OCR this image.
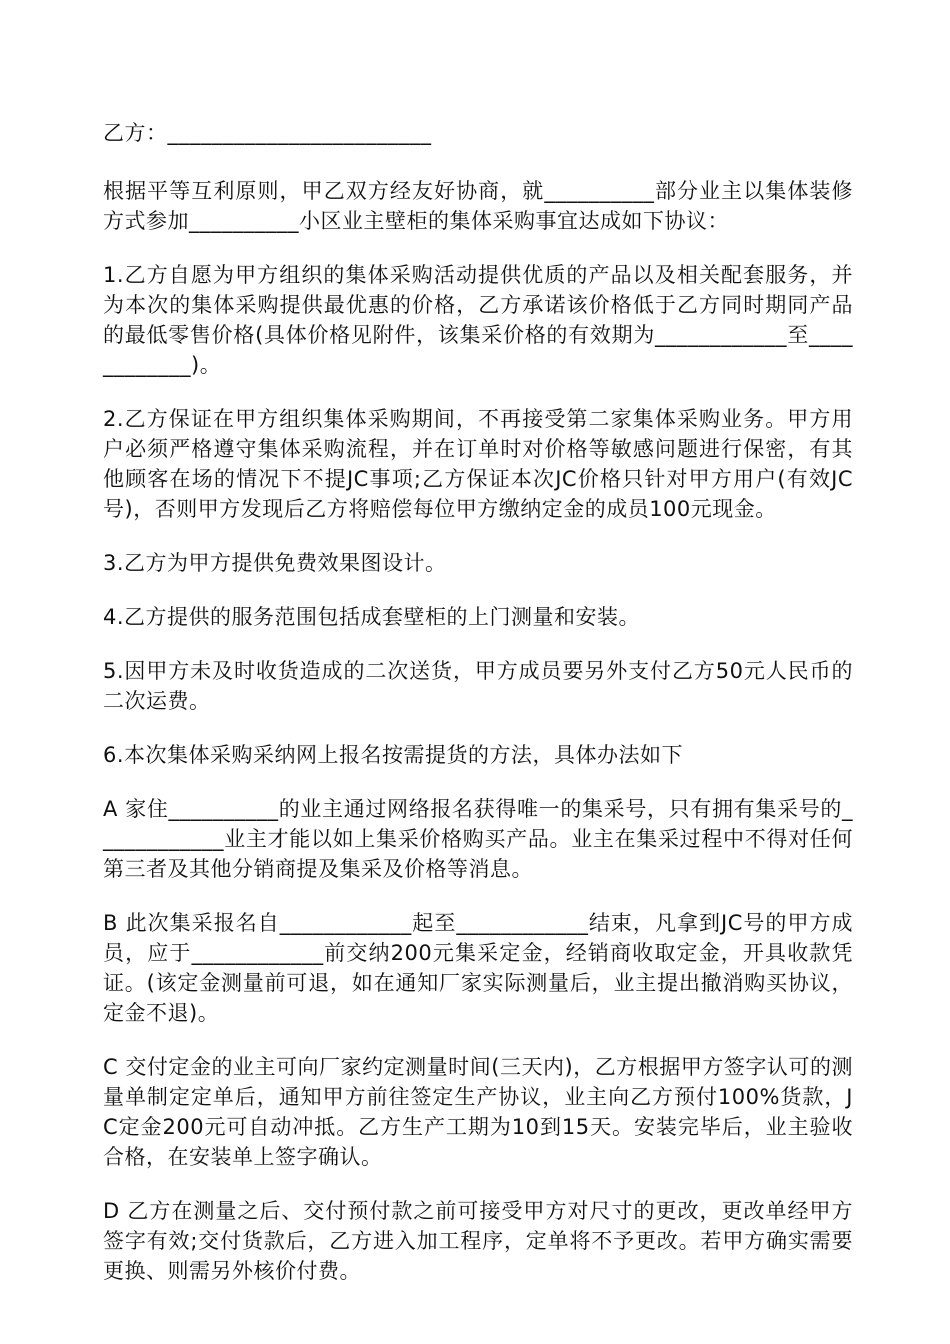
乙方：________________________

根据平等互利原则，甲乙双方经友好协商，就__________部分业主以集体装修方式参加__________小区业主壁柜的集体采购事宜达成如下协议：

1.乙方自愿为甲方组织的集体采购活动提供优质的产品以及相关配套服务，并为本次的集体采购提供最优惠的价格，乙方承诺该价格低于乙方同时期同产品的最低零售价格(具体价格见附件，该集采价格的有效期为____________至____________)。

2.乙方保证在甲方组织集体采购期间，不再接受第二家集体采购业务。甲方用户必须严格遵守集体采购流程，并在订单时对价格等敏感问题进行保密，有其他顾客在场的情况下不提JC事项;乙方保证本次JC价格只针对甲方用户(有效JC号)，否则甲方发现后乙方将赔偿每位甲方缴纳定金的成员100元现金。

3.乙方为甲方提供免费效果图设计。

4.乙方提供的服务范围包括成套壁柜的上门测量和安装。

5.因甲方未及时收货造成的二次送货，甲方成员要另外支付乙方50元人民币的二次运费。

6.本次集体采购采纳网上报名按需提货的方法，具体办法如下

A 家住__________的业主通过网络报名获得唯一的集采号，只有拥有集采号的____________业主才能以如上集采价格购买产品。业主在集采过程中不得对任何第三者及其他分销商提及集采及价格等消息。

B 此次集采报名自____________起至____________结束，凡拿到JC号的甲方成员，应于____________前交纳200元集采定金，经销商收取定金，开具收款凭证。(该定金测量前可退，如在通知厂家实际测量后，业主提出撤消购买协议，定金不退)。

C 交付定金的业主可向厂家约定测量时间(三天内)，乙方根据甲方签字认可的测量单制定定单后，通知甲方前往签定生产协议，业主向乙方预付100%货款，JC定金200元可自动冲抵。乙方生产工期为10到15天。安装完毕后，业主验收合格，在安装单上签字确认。

D 乙方在测量之后、交付预付款之前可接受甲方对尺寸的更改，更改单经甲方签字有效;交付货款后，乙方进入加工程序，定单将不予更改。若甲方确实需要更换、则需另外核价付费。
